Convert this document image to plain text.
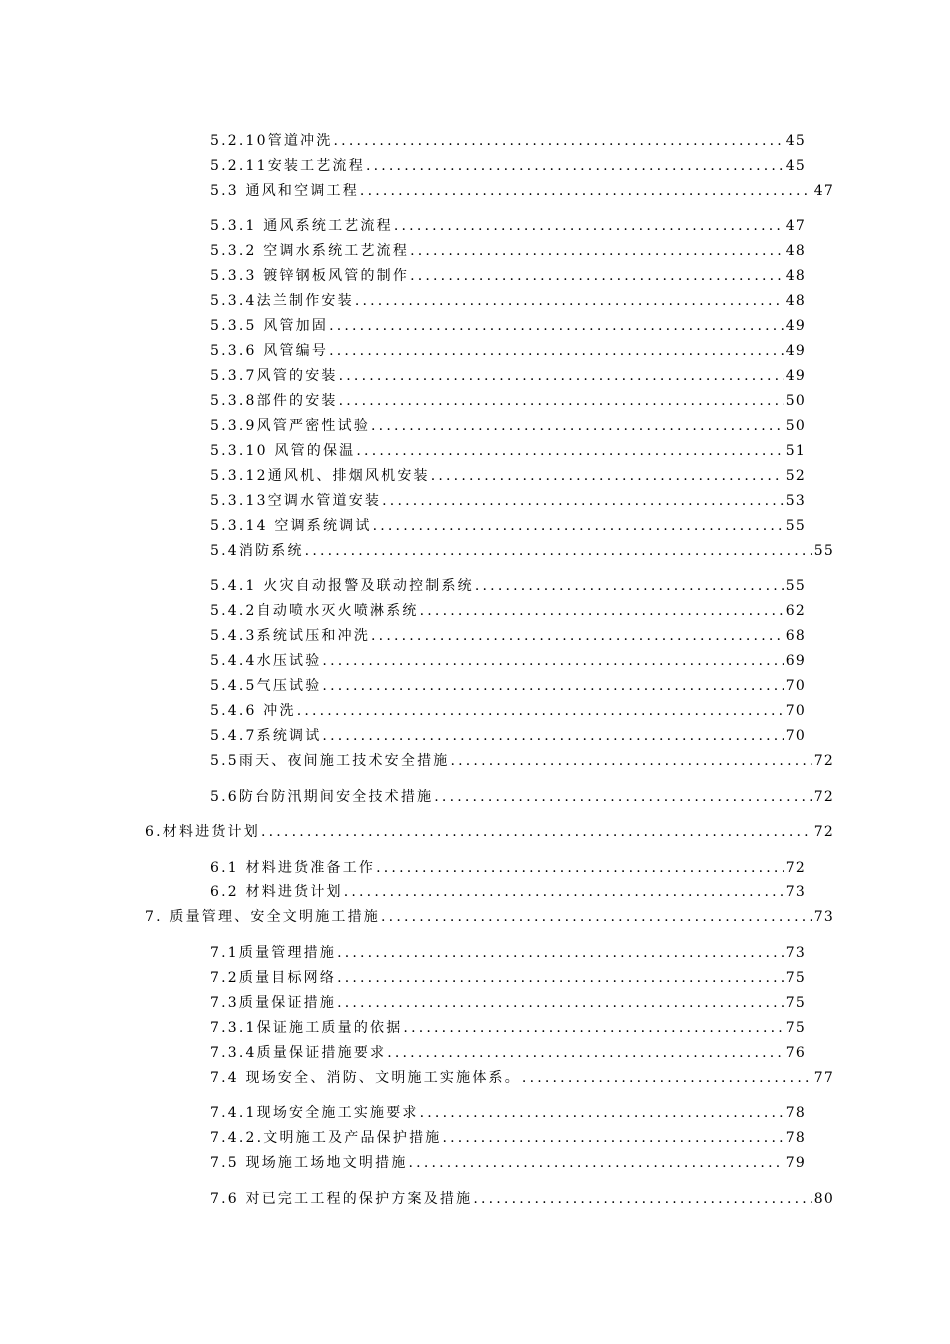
5.2.10管道冲洗 .....	45
5.2.11安装工艺流程 .....	45
5.3 通风和空调工程 .....	47
5.3.1 通风系统工艺流程 .....	47
5.3.2 空调水系统工艺流程 .....	48
5.3.3 镀锌钢板风管的制作 .....	48
5.3.4法兰制作安装 .....	48
5.3.5 风管加固 .....	49
5.3.6 风管编号 .....	49
5.3.7风管的安装 .....	49
5.3.8部件的安装 .....	50
5.3.9风管严密性试验 .....	50
5.3.10 风管的保温 .....	51
5.3.12通风机、排烟风机安装 .....	52
5.3.13空调水管道安装 .....	53
5.3.14 空调系统调试 .....	55
5.4消防系统 .....	55
5.4.1 火灾自动报警及联动控制系统 .....	55
5.4.2自动喷水灭火喷淋系统 .....	62
5.4.3系统试压和冲洗 .....	68
5.4.4水压试验 .....	69
5.4.5气压试验 .....	70
5.4.6 冲洗 .....	70
5.4.7系统调试 .....	70
5.5雨天、夜间施工技术安全措施 .....	72
5.6防台防汛期间安全技术措施 .....	72
6.材料进货计划 .....	72
6.1 材料进货准备工作 .....	72
6.2 材料进货计划 .....	73
7. 质量管理、安全文明施工措施 .....	73
7.1质量管理措施 .....	73
7.2质量目标网络 .....	75
7.3质量保证措施 .....	75
7.3.1保证施工质量的依据 .....	75
7.3.4质量保证措施要求 .....	76
7.4 现场安全、消防、文明施工实施体系。 .....	77
7.4.1现场安全施工实施要求 .....	78
7.4.2.文明施工及产品保护措施 .....	78
7.5 现场施工场地文明措施 .....	79
7.6 对已完工工程的保护方案及措施 .....	80
